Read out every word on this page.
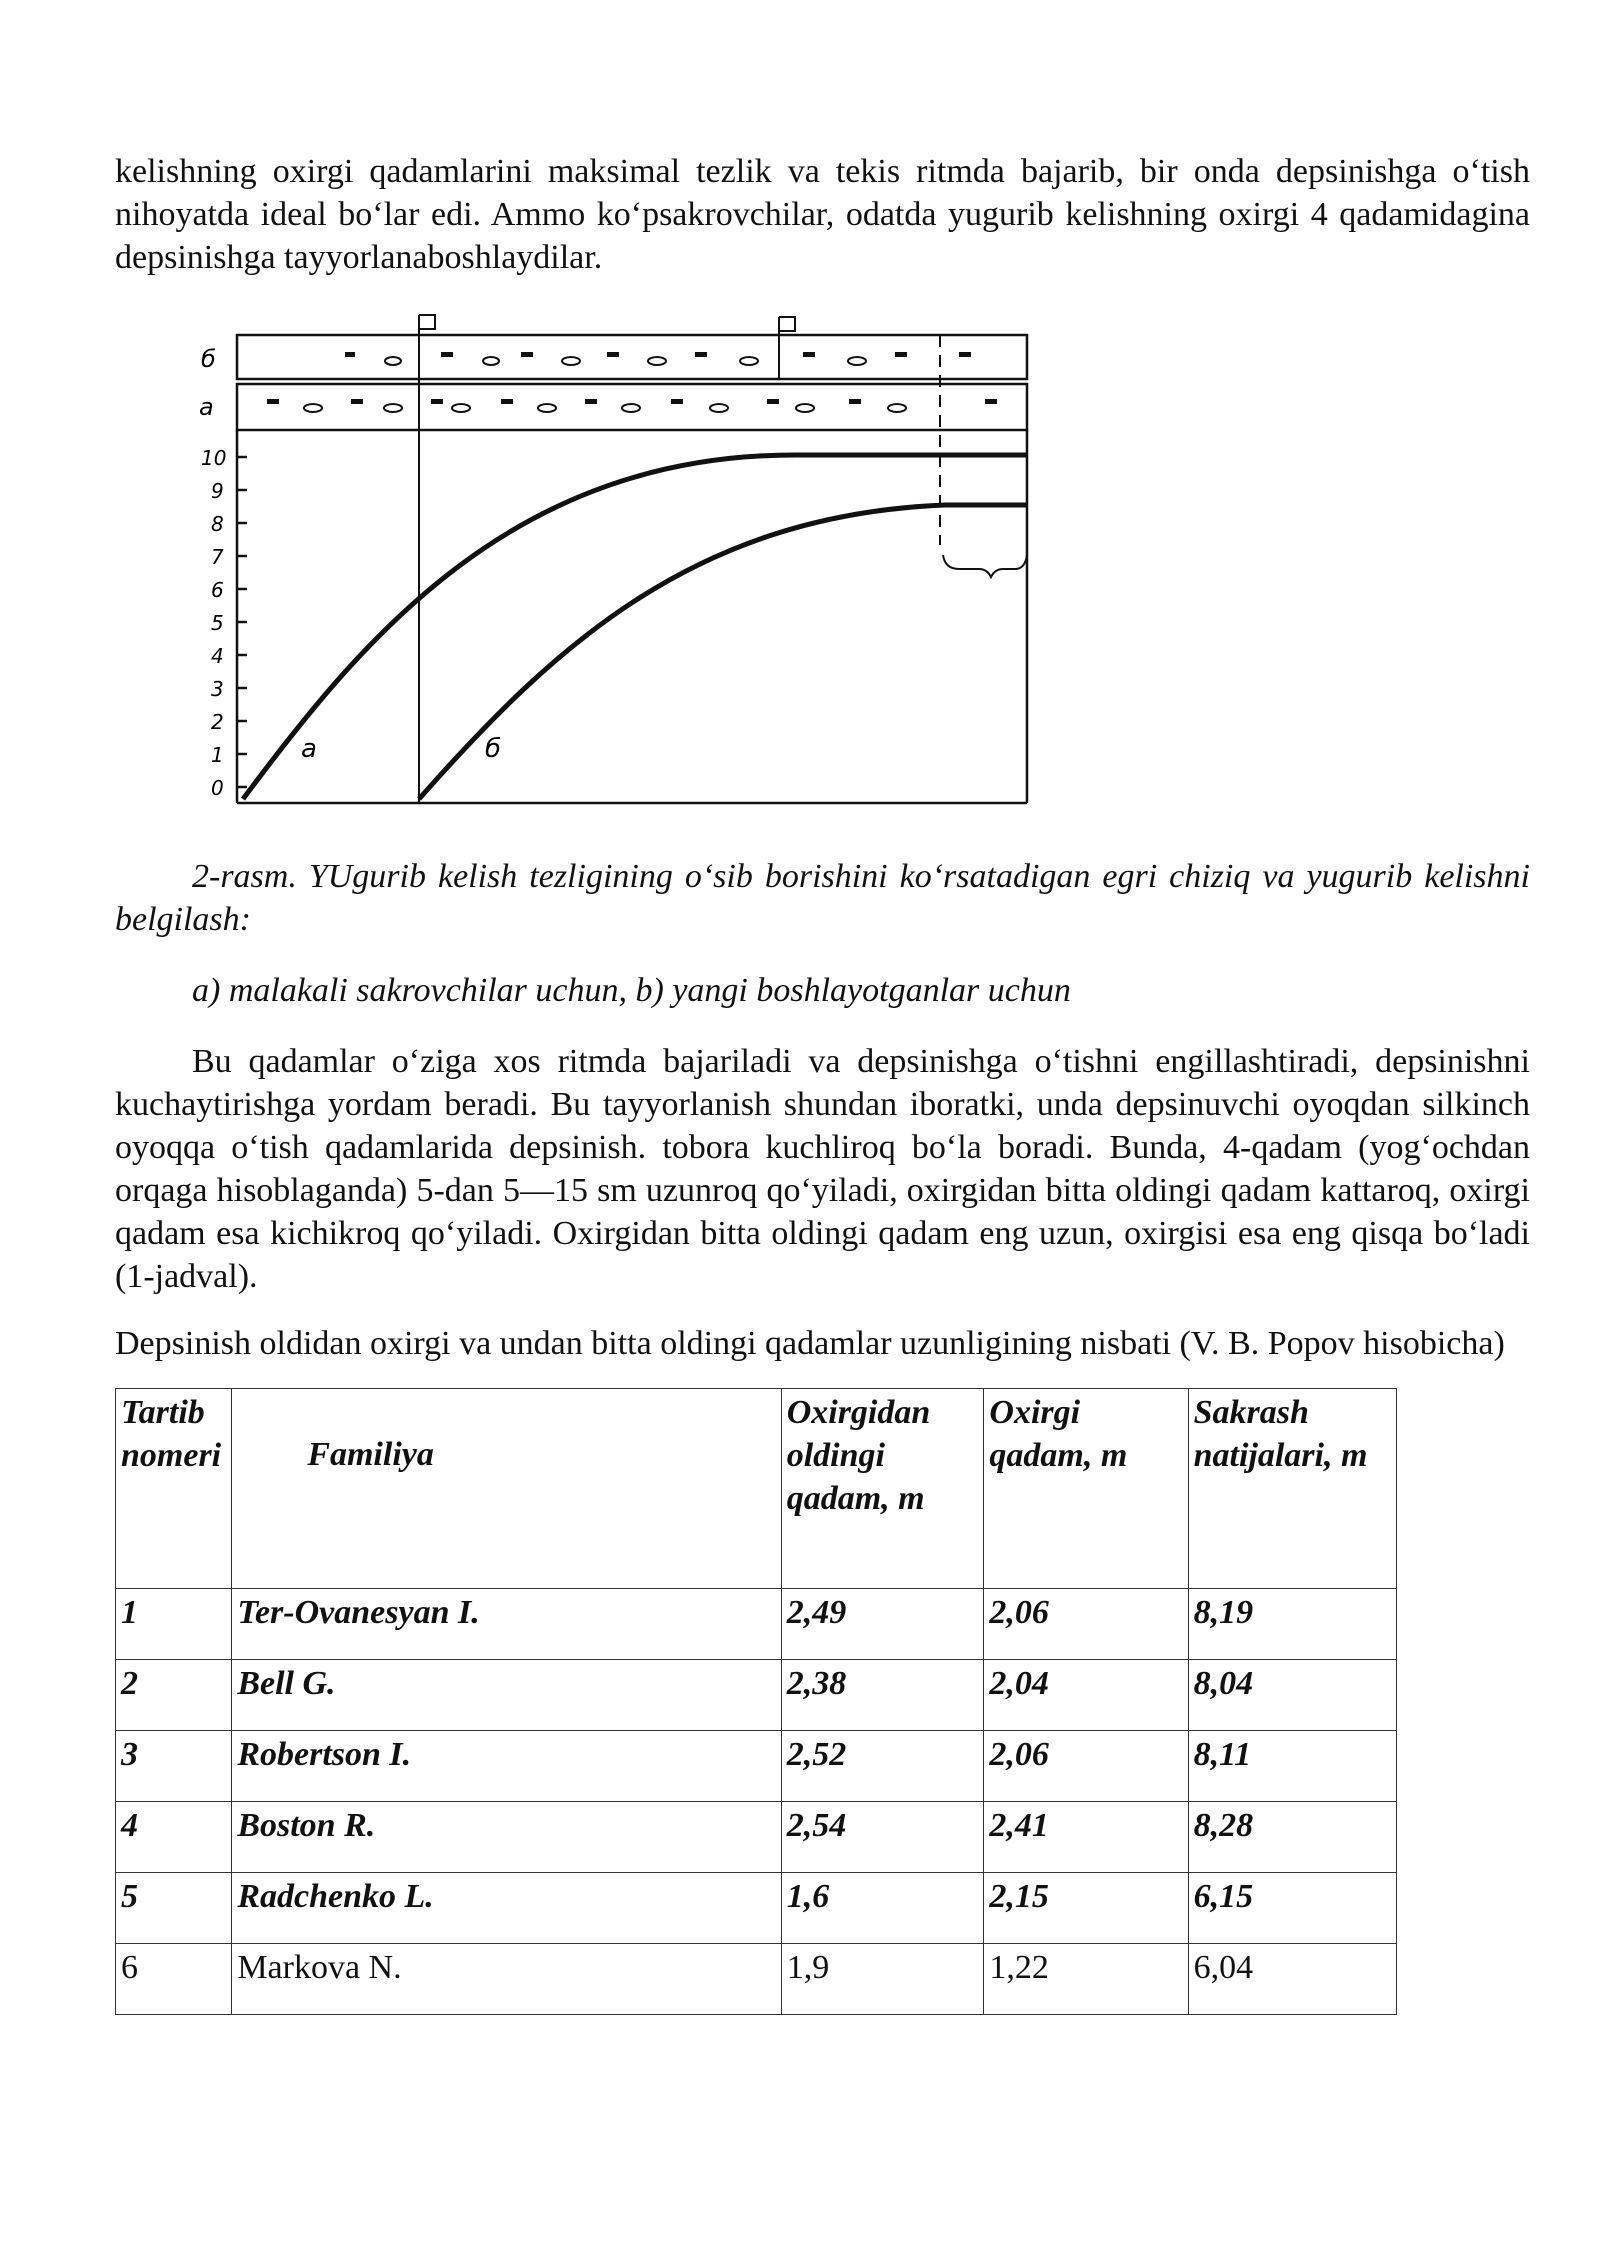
kelishning oxirgi qadamlarini maksimal tezlik va tekis ritmda bajarib, bir onda depsinishga o‘tish nihoyatda ideal bo‘lar edi. Ammo ko‘psakrovchilar, odatda yugurib kelishning oxirgi 4 qadamidagina depsinishga tayyorlanaboshlaydilar.

б
a
10
9
8
7
6
5
4
3
2
1
0
a	б

2-rasm. YUgurib kelish tezligining o‘sib borishini ko‘rsatadigan egri chiziq va yugurib kelishni belgilash:

a) malakali sakrovchilar uchun, b) yangi boshlayotganlar uchun

Bu qadamlar o‘ziga xos ritmda bajariladi va depsinishga o‘tishni engillashtiradi, depsinishni kuchaytirishga yordam beradi. Bu tayyorlanish shundan iboratki, unda depsinuvchi oyoqdan silkinch oyoqqa o‘tish qadamlarida depsinish. tobora kuchliroq bo‘la boradi. Bunda, 4-qadam (yog‘ochdan orqaga hisoblaganda) 5-dan 5—15 sm uzunroq qo‘yiladi, oxirgidan bitta oldingi qadam kattaroq, oxirgi qadam esa kichikroq qo‘yiladi. Oxirgidan bitta oldingi qadam eng uzun, oxirgisi esa eng qisqa bo‘ladi (1-jadval).

Depsinish oldidan oxirgi va undan bitta oldingi qadamlar uzunligining nisbati (V. B. Popov hisobicha)

Tartib nomeri	Familiya	Oxirgidan oldingi qadam, m	Oxirgi qadam, m	Sakrash natijalari, m
1	Ter-Ovanesyan I.	2,49	2,06	8,19
2	Bell G.	2,38	2,04	8,04
3	Robertson I.	2,52	2,06	8,11
4	Boston R.	2,54	2,41	8,28
5	Radchenko L.	1,6	2,15	6,15
6	Markova N.	1,9	1,22	6,04
